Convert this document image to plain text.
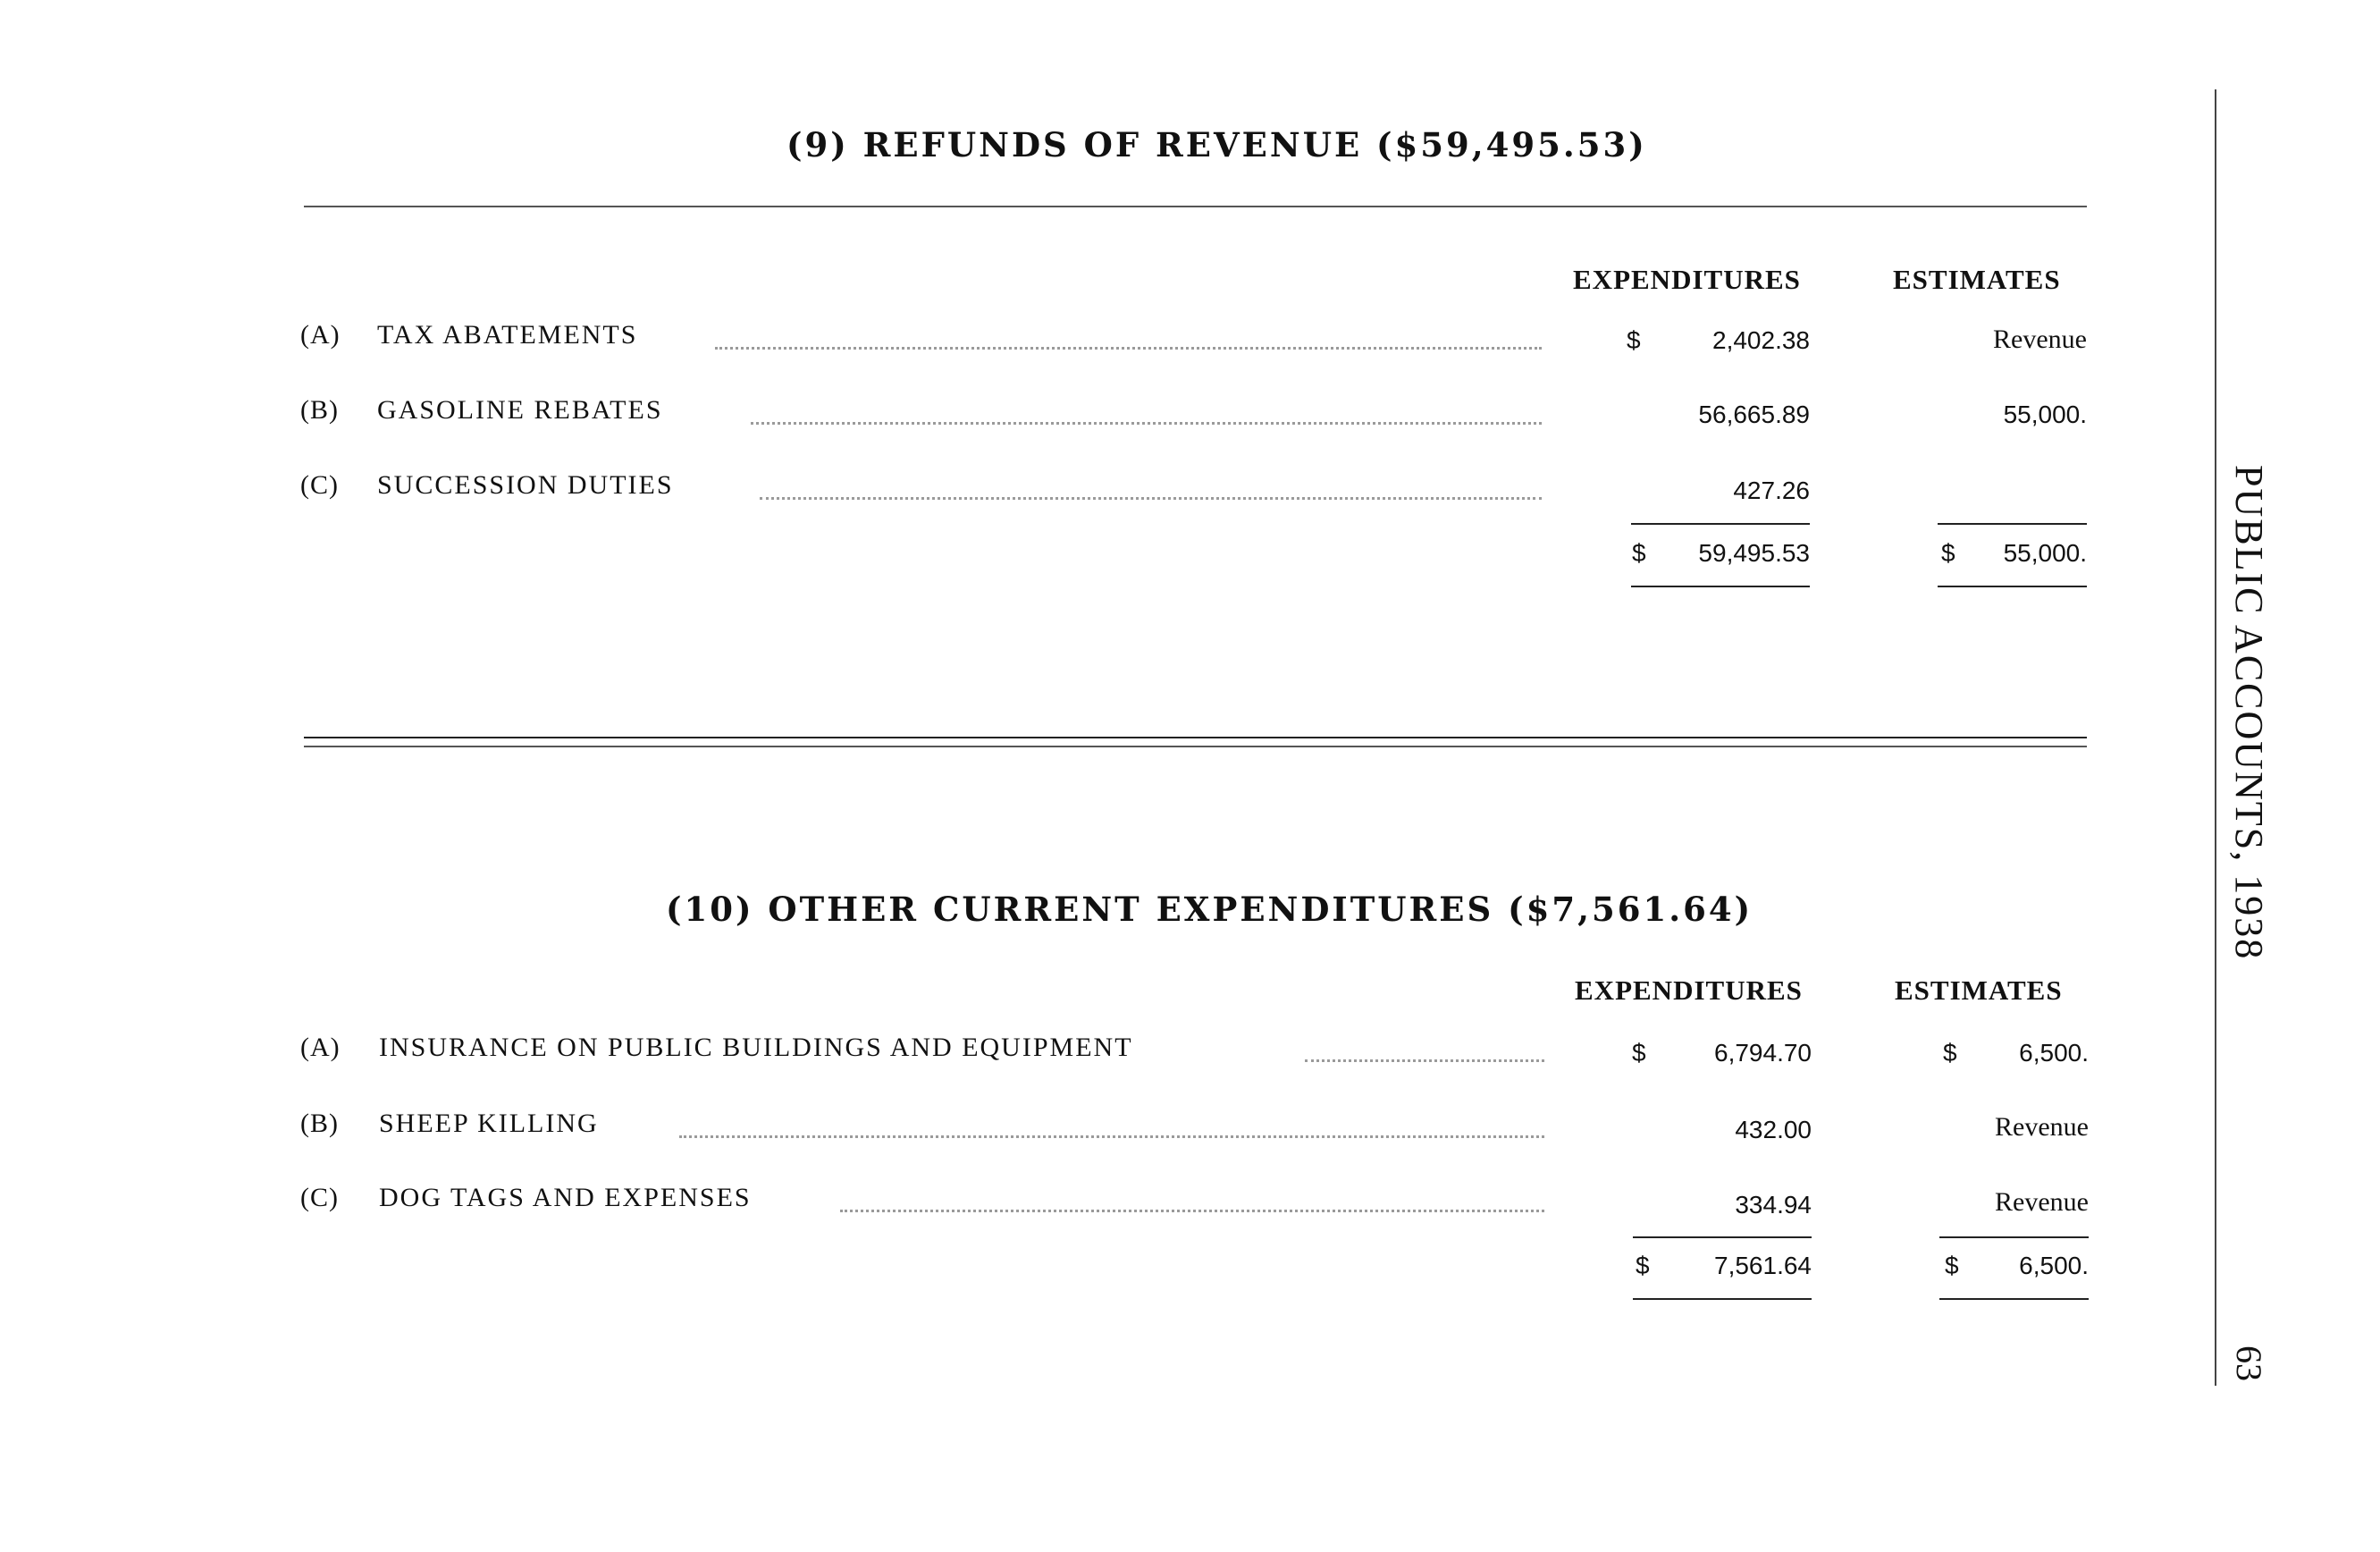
PUBLIC ACCOUNTS, 1938
63
(9) REFUNDS OF REVENUE ($59,495.53)
EXPENDITURES	ESTIMATES
(A) TAX ABATEMENTS	$	2,402.38	Revenue
(B) GASOLINE REBATES	56,665.89	55,000.
(C) SUCCESSION DUTIES	427.26
$	59,495.53	$	55,000.
(10) OTHER CURRENT EXPENDITURES ($7,561.64)
EXPENDITURES	ESTIMATES
(A) INSURANCE ON PUBLIC BUILDINGS AND EQUIPMENT	$	6,794.70	$	6,500.
(B) SHEEP KILLING	432.00	Revenue
(C) DOG TAGS AND EXPENSES	334.94	Revenue
$	7,561.64	$	6,500.
